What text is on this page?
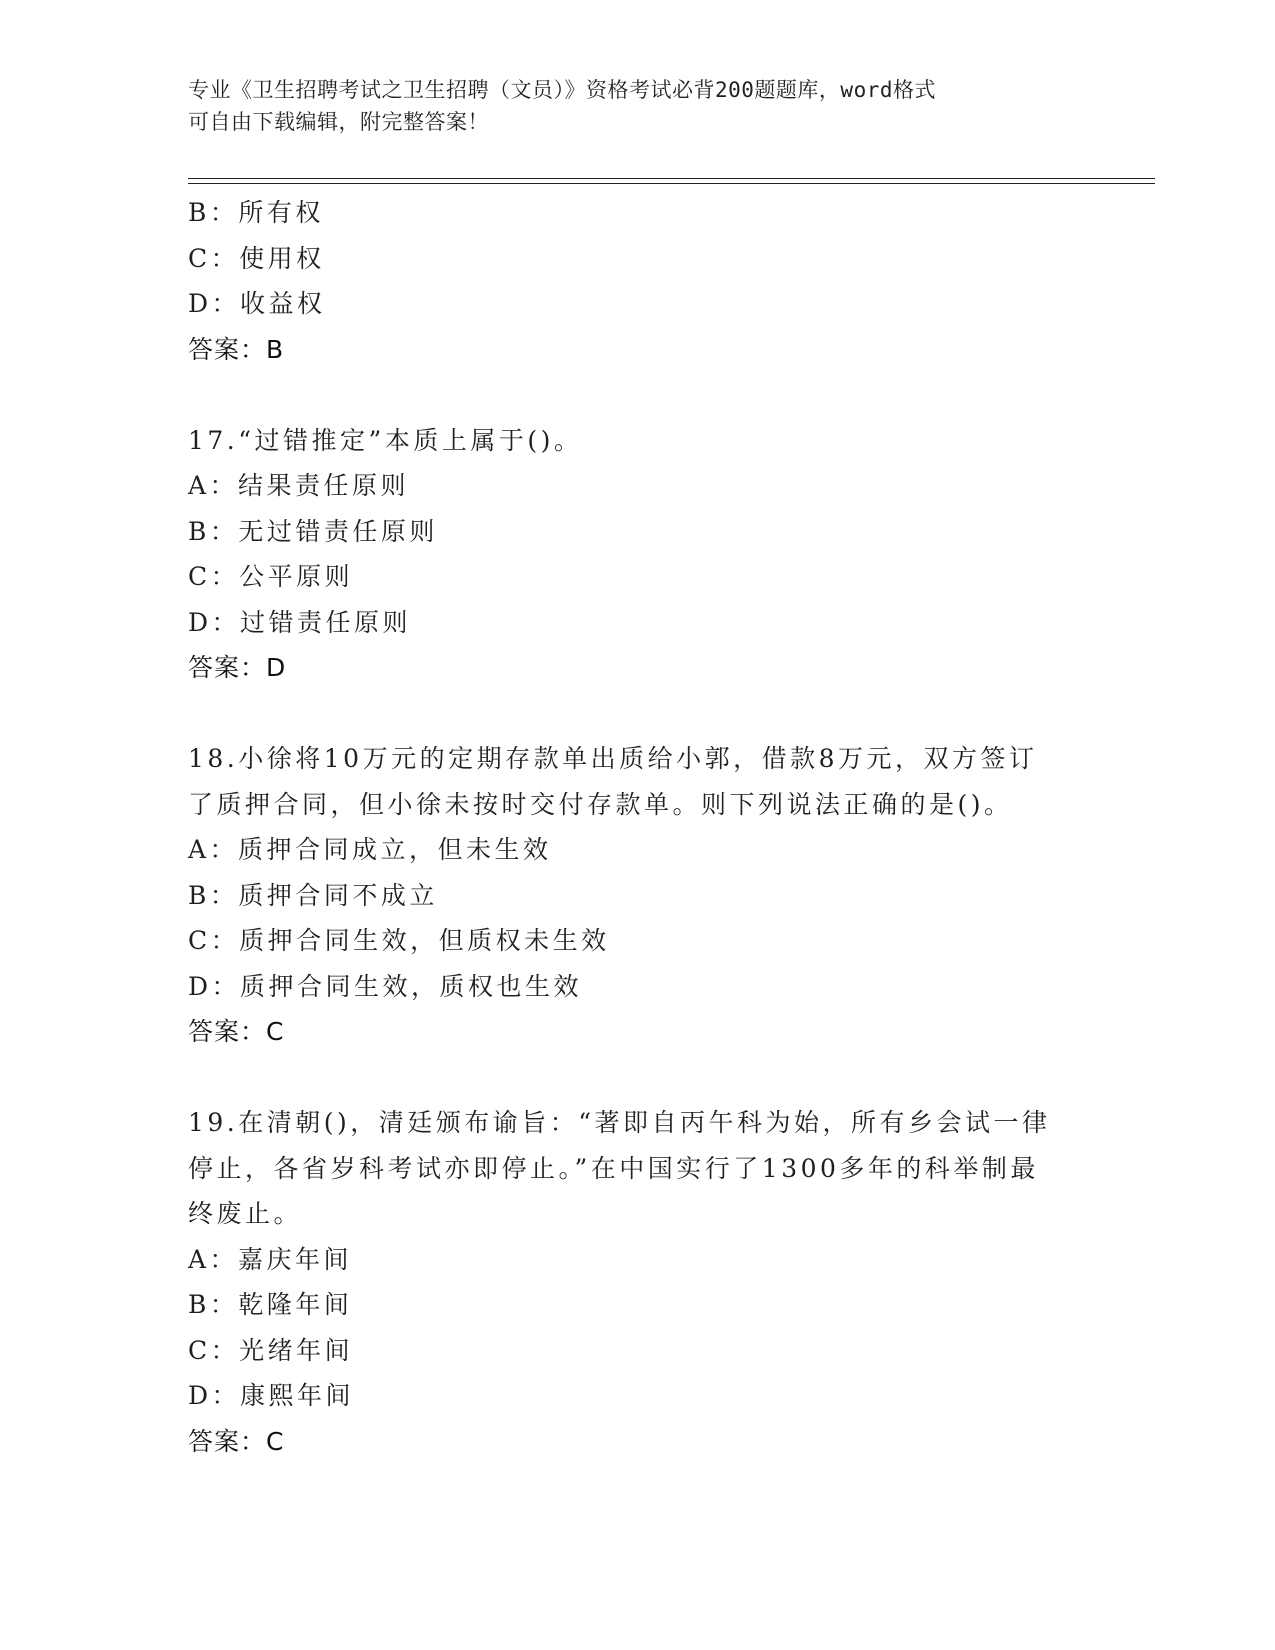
专业《卫生招聘考试之卫生招聘（文员）》资格考试必背200题题库，word格式
可自由下载编辑，附完整答案！
B：所有权
C：使用权
D：收益权
答案：B
17.“过错推定”本质上属于()。
A：结果责任原则
B：无过错责任原则
C：公平原则
D：过错责任原则
答案：D
18.小徐将10万元的定期存款单出质给小郭，借款8万元，双方签订
了质押合同，但小徐未按时交付存款单。则下列说法正确的是()。
A：质押合同成立，但未生效
B：质押合同不成立
C：质押合同生效，但质权未生效
D：质押合同生效，质权也生效
答案：C
19.在清朝()，清廷颁布谕旨：“著即自丙午科为始，所有乡会试一律
停止，各省岁科考试亦即停止。”在中国实行了1300多年的科举制最
终废止。
A：嘉庆年间
B：乾隆年间
C：光绪年间
D：康熙年间
答案：C
